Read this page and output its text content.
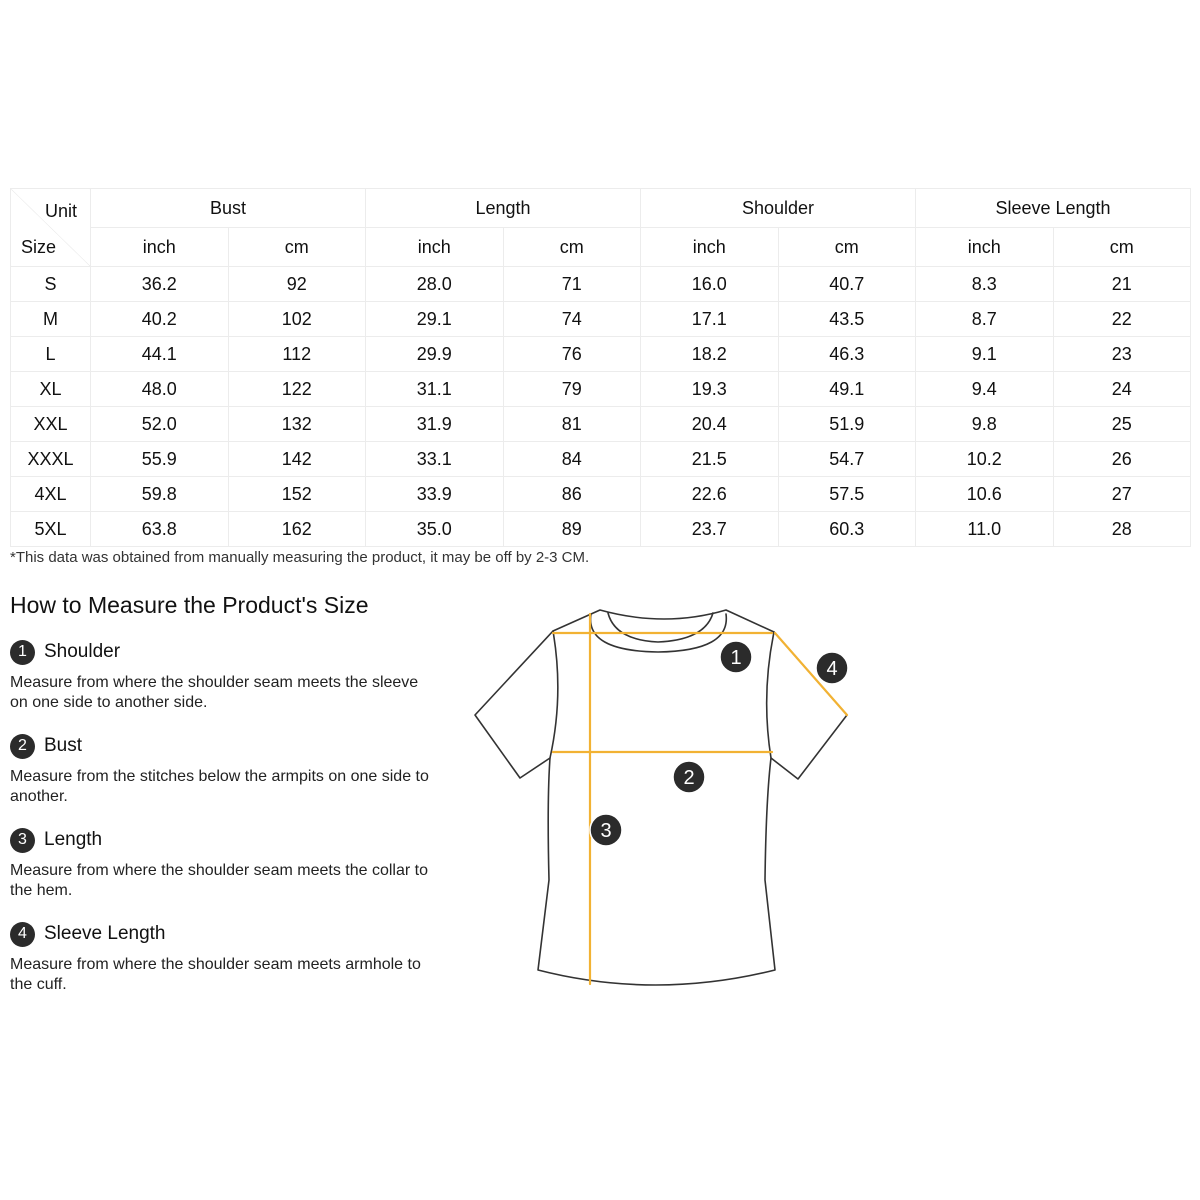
Unit
Size	Bust		Length		Shoulder		Sleeve Length	
	inch	cm	inch	cm	inch	cm	inch	cm
S	36.2	92	28.0	71	16.0	40.7	8.3	21
M	40.2	102	29.1	74	17.1	43.5	8.7	22
L	44.1	112	29.9	76	18.2	46.3	9.1	23
XL	48.0	122	31.1	79	19.3	49.1	9.4	24
XXL	52.0	132	31.9	81	20.4	51.9	9.8	25
XXXL	55.9	142	33.1	84	21.5	54.7	10.2	26
4XL	59.8	152	33.9	86	22.6	57.5	10.6	27
5XL	63.8	162	35.0	89	23.7	60.3	11.0	28
*This data was obtained from manually measuring the product, it may be off by 2-3 CM.
How to Measure the Product's Size
1 Shoulder
Measure from where the shoulder seam meets the sleeve on one side to another side.
2 Bust
Measure from the stitches below the armpits on one side to another.
3 Length
Measure from where the shoulder seam meets the collar to the hem.
4 Sleeve Length
Measure from where the shoulder seam meets armhole to the cuff.
1
2
3
4
